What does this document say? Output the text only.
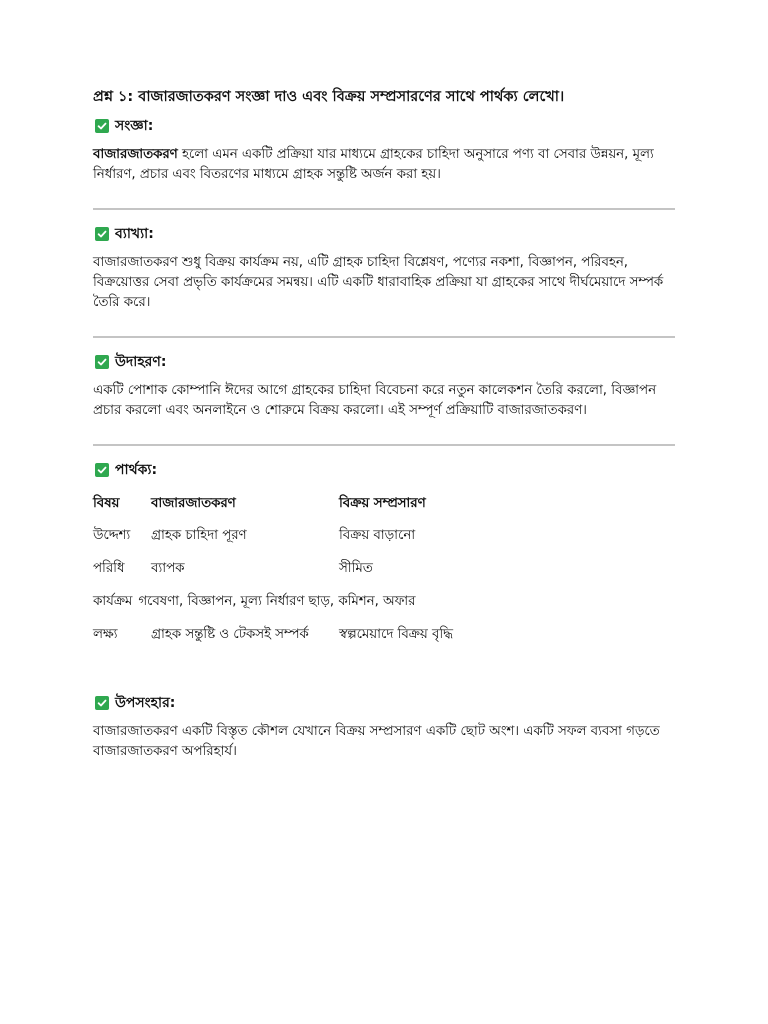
প্রশ্ন ১: বাজারজাতকরণ সংজ্ঞা দাও এবং বিক্রয় সম্প্রসারণের সাথে পার্থক্য লেখো।
সংজ্ঞা:

বাজারজাতকরণ হলো এমন একটি প্রক্রিয়া যার মাধ্যমে গ্রাহকের চাহিদা অনুসারে পণ্য বা সেবার উন্নয়ন, মূল্য নির্ধারণ, প্রচার এবং বিতরণের মাধ্যমে গ্রাহক সন্তুষ্টি অর্জন করা হয়।

ব্যাখ্যা:

বাজারজাতকরণ শুধু বিক্রয় কার্যক্রম নয়, এটি গ্রাহক চাহিদা বিশ্লেষণ, পণ্যের নকশা, বিজ্ঞাপন, পরিবহন, বিক্রয়োত্তর সেবা প্রভৃতি কার্যক্রমের সমন্বয়। এটি একটি ধারাবাহিক প্রক্রিয়া যা গ্রাহকের সাথে দীর্ঘমেয়াদে সম্পর্ক তৈরি করে।

উদাহরণ:

একটি পোশাক কোম্পানি ঈদের আগে গ্রাহকের চাহিদা বিবেচনা করে নতুন কালেকশন তৈরি করলো, বিজ্ঞাপন প্রচার করলো এবং অনলাইনে ও শোরুমে বিক্রয় করলো। এই সম্পূর্ণ প্রক্রিয়াটি বাজারজাতকরণ।

পার্থক্য:
বিষয়	বাজারজাতকরণ	বিক্রয় সম্প্রসারণ
উদ্দেশ্য	গ্রাহক চাহিদা পূরণ	বিক্রয় বাড়ানো
পরিধি	ব্যাপক	সীমিত
কার্যক্রম গবেষণা, বিজ্ঞাপন, মূল্য নির্ধারণ ছাড়, কমিশন, অফার
লক্ষ্য	গ্রাহক সন্তুষ্টি ও টেকসই সম্পর্ক	স্বল্পমেয়াদে বিক্রয় বৃদ্ধি
উপসংহার:

বাজারজাতকরণ একটি বিস্তৃত কৌশল যেখানে বিক্রয় সম্প্রসারণ একটি ছোট অংশ। একটি সফল ব্যবসা গড়তে বাজারজাতকরণ অপরিহার্য।
